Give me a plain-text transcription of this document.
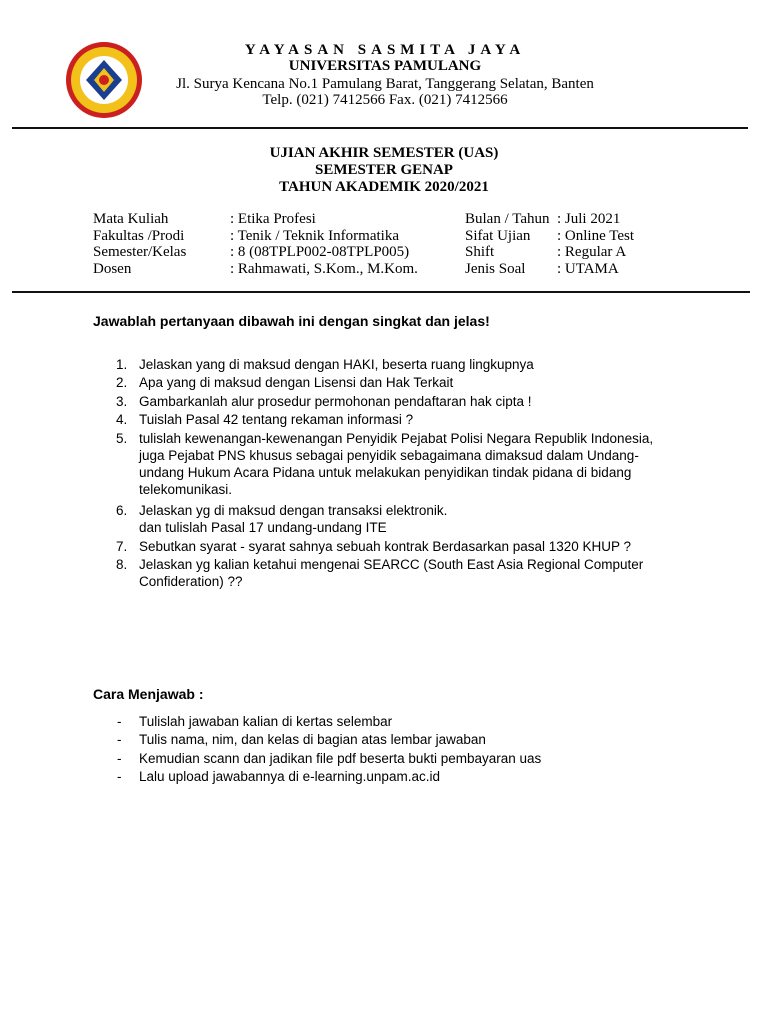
YAYASAN SASMITA JAYA
UNIVERSITAS PAMULANG
Jl. Surya Kencana No.1 Pamulang Barat, Tanggerang Selatan, Banten
Telp. (021) 7412566 Fax. (021) 7412566
UJIAN AKHIR SEMESTER (UAS)
SEMESTER GENAP
TAHUN AKADEMIK 2020/2021
Mata Kuliah	: Etika Profesi	Bulan / Tahun : Juli 2021
Fakultas /Prodi	: Tenik / Teknik Informatika	Sifat Ujian : Online Test
Semester/Kelas	: 8 (08TPLP002-08TPLP005)	Shift	: Regular A
Dosen	: Rahmawati, S.Kom., M.Kom.	Jenis Soal : UTAMA
Jawablah pertanyaan dibawah ini dengan singkat dan jelas!
1. Jelaskan yang di maksud dengan HAKI, beserta ruang lingkupnya
2. Apa yang di maksud dengan Lisensi dan Hak Terkait
3. Gambarkanlah alur prosedur permohonan pendaftaran hak cipta !
4. Tuislah Pasal 42 tentang rekaman informasi ?
5. tulislah kewenangan-kewenangan Penyidik Pejabat Polisi Negara Republik Indonesia, juga Pejabat PNS khusus sebagai penyidik sebagaimana dimaksud dalam Undang-undang Hukum Acara Pidana untuk melakukan penyidikan tindak pidana di bidang telekomunikasi.
6. Jelaskan yg di maksud dengan transaksi elektronik.
dan tulislah Pasal 17 undang-undang ITE
7. Sebutkan syarat - syarat sahnya sebuah kontrak Berdasarkan pasal 1320 KHUP ?
8. Jelaskan yg kalian ketahui mengenai SEARCC (South East Asia Regional Computer Confideration) ??
Cara Menjawab :
- Tulislah jawaban kalian di kertas selembar
- Tulis nama, nim, dan kelas di bagian atas lembar jawaban
- Kemudian scann dan jadikan file pdf beserta bukti pembayaran uas
- Lalu upload jawabannya di e-learning.unpam.ac.id
